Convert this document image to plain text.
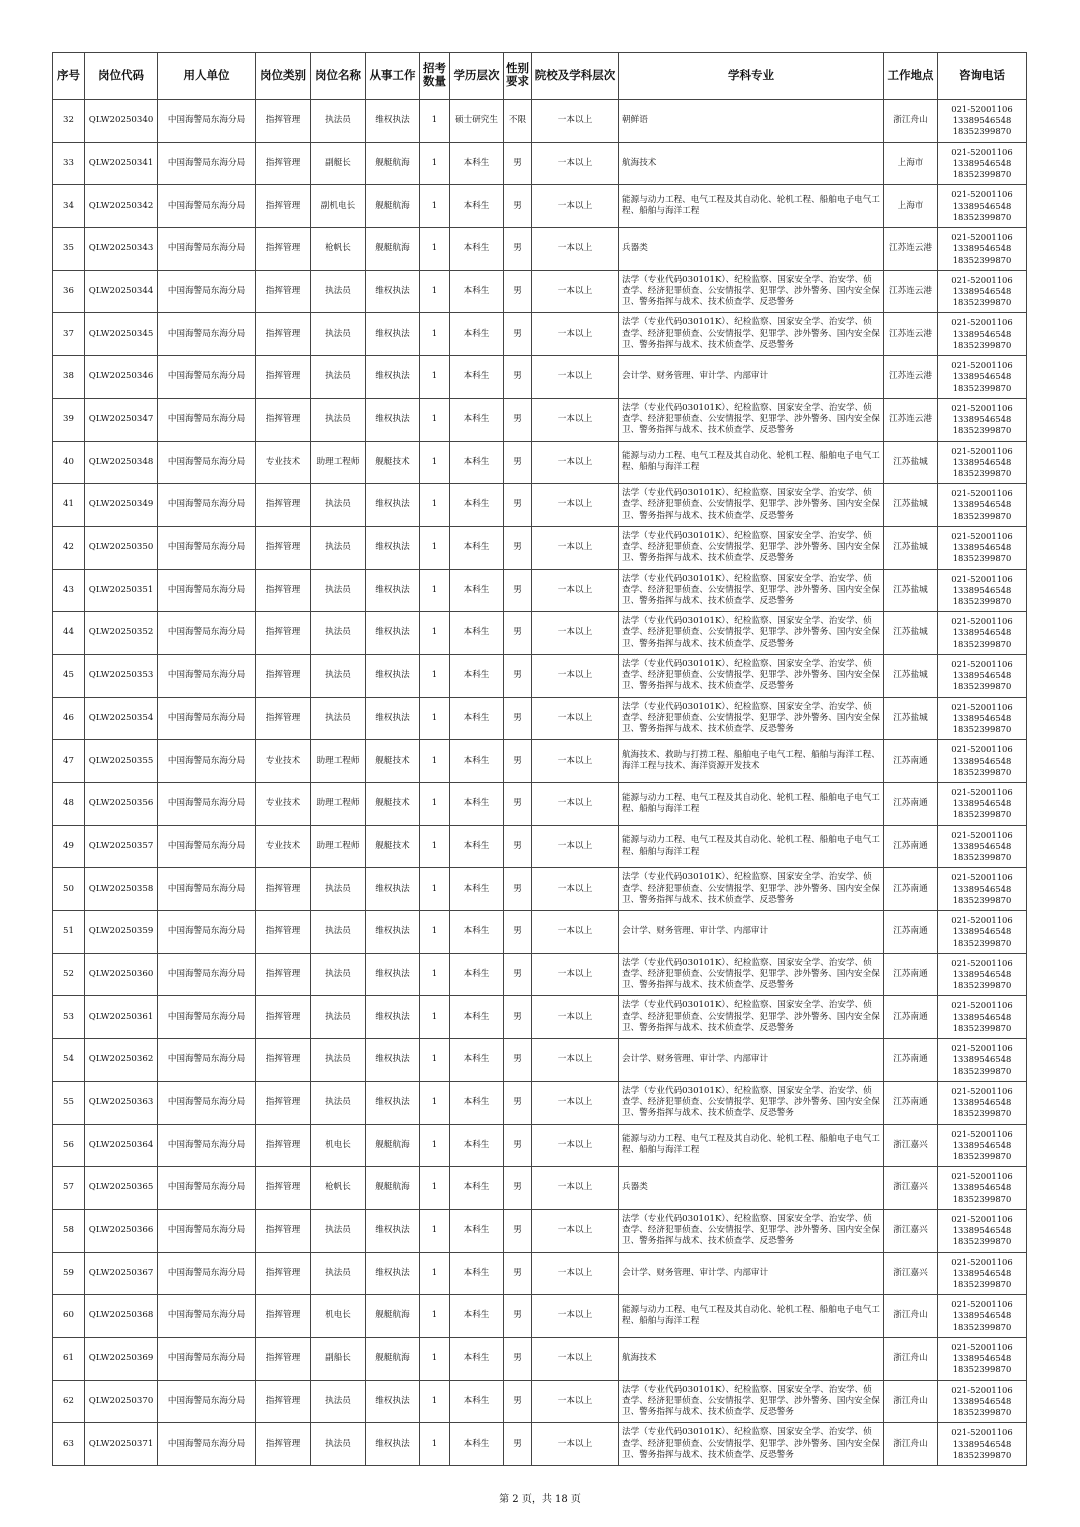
序号	岗位代码	用人单位	岗位类别	岗位名称	从事工作	招考
数量	学历层次	性别
要求	院校及学科层次	学科专业	工作地点	咨询电话
32	QLW20250340	中国海警局东海分局	指挥管理	执法员	维权执法	1	硕士研究生	不限	一本以上	朝鲜语	浙江舟山	021-52001106
13389546548
18352399870
33	QLW20250341	中国海警局东海分局	指挥管理	副艇长	舰艇航海	1	本科生	男	一本以上	航海技术	上海市	021-52001106
13389546548
18352399870
34	QLW20250342	中国海警局东海分局	指挥管理	副机电长	舰艇航海	1	本科生	男	一本以上	能源与动力工程、电气工程及其自动化、轮机工程、船舶电子电气工程、船舶与海洋工程	上海市	021-52001106
13389546548
18352399870
35	QLW20250343	中国海警局东海分局	指挥管理	枪帆长	舰艇航海	1	本科生	男	一本以上	兵器类	江苏连云港	021-52001106
13389546548
18352399870
36	QLW20250344	中国海警局东海分局	指挥管理	执法员	维权执法	1	本科生	男	一本以上	法学（专业代码030101K）、纪检监察、国家安全学、治安学、侦查学、经济犯罪侦查、公安情报学、犯罪学、涉外警务、国内安全保卫、警务指挥与战术、技术侦查学、反恐警务	江苏连云港	021-52001106
13389546548
18352399870
37	QLW20250345	中国海警局东海分局	指挥管理	执法员	维权执法	1	本科生	男	一本以上	法学（专业代码030101K）、纪检监察、国家安全学、治安学、侦查学、经济犯罪侦查、公安情报学、犯罪学、涉外警务、国内安全保卫、警务指挥与战术、技术侦查学、反恐警务	江苏连云港	021-52001106
13389546548
18352399870
38	QLW20250346	中国海警局东海分局	指挥管理	执法员	维权执法	1	本科生	男	一本以上	会计学、财务管理、审计学、内部审计	江苏连云港	021-52001106
13389546548
18352399870
39	QLW20250347	中国海警局东海分局	指挥管理	执法员	维权执法	1	本科生	男	一本以上	法学（专业代码030101K）、纪检监察、国家安全学、治安学、侦查学、经济犯罪侦查、公安情报学、犯罪学、涉外警务、国内安全保卫、警务指挥与战术、技术侦查学、反恐警务	江苏连云港	021-52001106
13389546548
18352399870
40	QLW20250348	中国海警局东海分局	专业技术	助理工程师	舰艇技术	1	本科生	男	一本以上	能源与动力工程、电气工程及其自动化、轮机工程、船舶电子电气工程、船舶与海洋工程	江苏盐城	021-52001106
13389546548
18352399870
41	QLW20250349	中国海警局东海分局	指挥管理	执法员	维权执法	1	本科生	男	一本以上	法学（专业代码030101K）、纪检监察、国家安全学、治安学、侦查学、经济犯罪侦查、公安情报学、犯罪学、涉外警务、国内安全保卫、警务指挥与战术、技术侦查学、反恐警务	江苏盐城	021-52001106
13389546548
18352399870
42	QLW20250350	中国海警局东海分局	指挥管理	执法员	维权执法	1	本科生	男	一本以上	法学（专业代码030101K）、纪检监察、国家安全学、治安学、侦查学、经济犯罪侦查、公安情报学、犯罪学、涉外警务、国内安全保卫、警务指挥与战术、技术侦查学、反恐警务	江苏盐城	021-52001106
13389546548
18352399870
43	QLW20250351	中国海警局东海分局	指挥管理	执法员	维权执法	1	本科生	男	一本以上	法学（专业代码030101K）、纪检监察、国家安全学、治安学、侦查学、经济犯罪侦查、公安情报学、犯罪学、涉外警务、国内安全保卫、警务指挥与战术、技术侦查学、反恐警务	江苏盐城	021-52001106
13389546548
18352399870
44	QLW20250352	中国海警局东海分局	指挥管理	执法员	维权执法	1	本科生	男	一本以上	法学（专业代码030101K）、纪检监察、国家安全学、治安学、侦查学、经济犯罪侦查、公安情报学、犯罪学、涉外警务、国内安全保卫、警务指挥与战术、技术侦查学、反恐警务	江苏盐城	021-52001106
13389546548
18352399870
45	QLW20250353	中国海警局东海分局	指挥管理	执法员	维权执法	1	本科生	男	一本以上	法学（专业代码030101K）、纪检监察、国家安全学、治安学、侦查学、经济犯罪侦查、公安情报学、犯罪学、涉外警务、国内安全保卫、警务指挥与战术、技术侦查学、反恐警务	江苏盐城	021-52001106
13389546548
18352399870
46	QLW20250354	中国海警局东海分局	指挥管理	执法员	维权执法	1	本科生	男	一本以上	法学（专业代码030101K）、纪检监察、国家安全学、治安学、侦查学、经济犯罪侦查、公安情报学、犯罪学、涉外警务、国内安全保卫、警务指挥与战术、技术侦查学、反恐警务	江苏盐城	021-52001106
13389546548
18352399870
47	QLW20250355	中国海警局东海分局	专业技术	助理工程师	舰艇技术	1	本科生	男	一本以上	航海技术、救助与打捞工程、船舶电子电气工程、船舶与海洋工程、海洋工程与技术、海洋资源开发技术	江苏南通	021-52001106
13389546548
18352399870
48	QLW20250356	中国海警局东海分局	专业技术	助理工程师	舰艇技术	1	本科生	男	一本以上	能源与动力工程、电气工程及其自动化、轮机工程、船舶电子电气工程、船舶与海洋工程	江苏南通	021-52001106
13389546548
18352399870
49	QLW20250357	中国海警局东海分局	专业技术	助理工程师	舰艇技术	1	本科生	男	一本以上	能源与动力工程、电气工程及其自动化、轮机工程、船舶电子电气工程、船舶与海洋工程	江苏南通	021-52001106
13389546548
18352399870
50	QLW20250358	中国海警局东海分局	指挥管理	执法员	维权执法	1	本科生	男	一本以上	法学（专业代码030101K）、纪检监察、国家安全学、治安学、侦查学、经济犯罪侦查、公安情报学、犯罪学、涉外警务、国内安全保卫、警务指挥与战术、技术侦查学、反恐警务	江苏南通	021-52001106
13389546548
18352399870
51	QLW20250359	中国海警局东海分局	指挥管理	执法员	维权执法	1	本科生	男	一本以上	会计学、财务管理、审计学、内部审计	江苏南通	021-52001106
13389546548
18352399870
52	QLW20250360	中国海警局东海分局	指挥管理	执法员	维权执法	1	本科生	男	一本以上	法学（专业代码030101K）、纪检监察、国家安全学、治安学、侦查学、经济犯罪侦查、公安情报学、犯罪学、涉外警务、国内安全保卫、警务指挥与战术、技术侦查学、反恐警务	江苏南通	021-52001106
13389546548
18352399870
53	QLW20250361	中国海警局东海分局	指挥管理	执法员	维权执法	1	本科生	男	一本以上	法学（专业代码030101K）、纪检监察、国家安全学、治安学、侦查学、经济犯罪侦查、公安情报学、犯罪学、涉外警务、国内安全保卫、警务指挥与战术、技术侦查学、反恐警务	江苏南通	021-52001106
13389546548
18352399870
54	QLW20250362	中国海警局东海分局	指挥管理	执法员	维权执法	1	本科生	男	一本以上	会计学、财务管理、审计学、内部审计	江苏南通	021-52001106
13389546548
18352399870
55	QLW20250363	中国海警局东海分局	指挥管理	执法员	维权执法	1	本科生	男	一本以上	法学（专业代码030101K）、纪检监察、国家安全学、治安学、侦查学、经济犯罪侦查、公安情报学、犯罪学、涉外警务、国内安全保卫、警务指挥与战术、技术侦查学、反恐警务	江苏南通	021-52001106
13389546548
18352399870
56	QLW20250364	中国海警局东海分局	指挥管理	机电长	舰艇航海	1	本科生	男	一本以上	能源与动力工程、电气工程及其自动化、轮机工程、船舶电子电气工程、船舶与海洋工程	浙江嘉兴	021-52001106
13389546548
18352399870
57	QLW20250365	中国海警局东海分局	指挥管理	枪帆长	舰艇航海	1	本科生	男	一本以上	兵器类	浙江嘉兴	021-52001106
13389546548
18352399870
58	QLW20250366	中国海警局东海分局	指挥管理	执法员	维权执法	1	本科生	男	一本以上	法学（专业代码030101K）、纪检监察、国家安全学、治安学、侦查学、经济犯罪侦查、公安情报学、犯罪学、涉外警务、国内安全保卫、警务指挥与战术、技术侦查学、反恐警务	浙江嘉兴	021-52001106
13389546548
18352399870
59	QLW20250367	中国海警局东海分局	指挥管理	执法员	维权执法	1	本科生	男	一本以上	会计学、财务管理、审计学、内部审计	浙江嘉兴	021-52001106
13389546548
18352399870
60	QLW20250368	中国海警局东海分局	指挥管理	机电长	舰艇航海	1	本科生	男	一本以上	能源与动力工程、电气工程及其自动化、轮机工程、船舶电子电气工程、船舶与海洋工程	浙江舟山	021-52001106
13389546548
18352399870
61	QLW20250369	中国海警局东海分局	指挥管理	副船长	舰艇航海	1	本科生	男	一本以上	航海技术	浙江舟山	021-52001106
13389546548
18352399870
62	QLW20250370	中国海警局东海分局	指挥管理	执法员	维权执法	1	本科生	男	一本以上	法学（专业代码030101K）、纪检监察、国家安全学、治安学、侦查学、经济犯罪侦查、公安情报学、犯罪学、涉外警务、国内安全保卫、警务指挥与战术、技术侦查学、反恐警务	浙江舟山	021-52001106
13389546548
18352399870
63	QLW20250371	中国海警局东海分局	指挥管理	执法员	维权执法	1	本科生	男	一本以上	法学（专业代码030101K）、纪检监察、国家安全学、治安学、侦查学、经济犯罪侦查、公安情报学、犯罪学、涉外警务、国内安全保卫、警务指挥与战术、技术侦查学、反恐警务	浙江舟山	021-52001106
13389546548
18352399870
第 2 页，共 18 页
